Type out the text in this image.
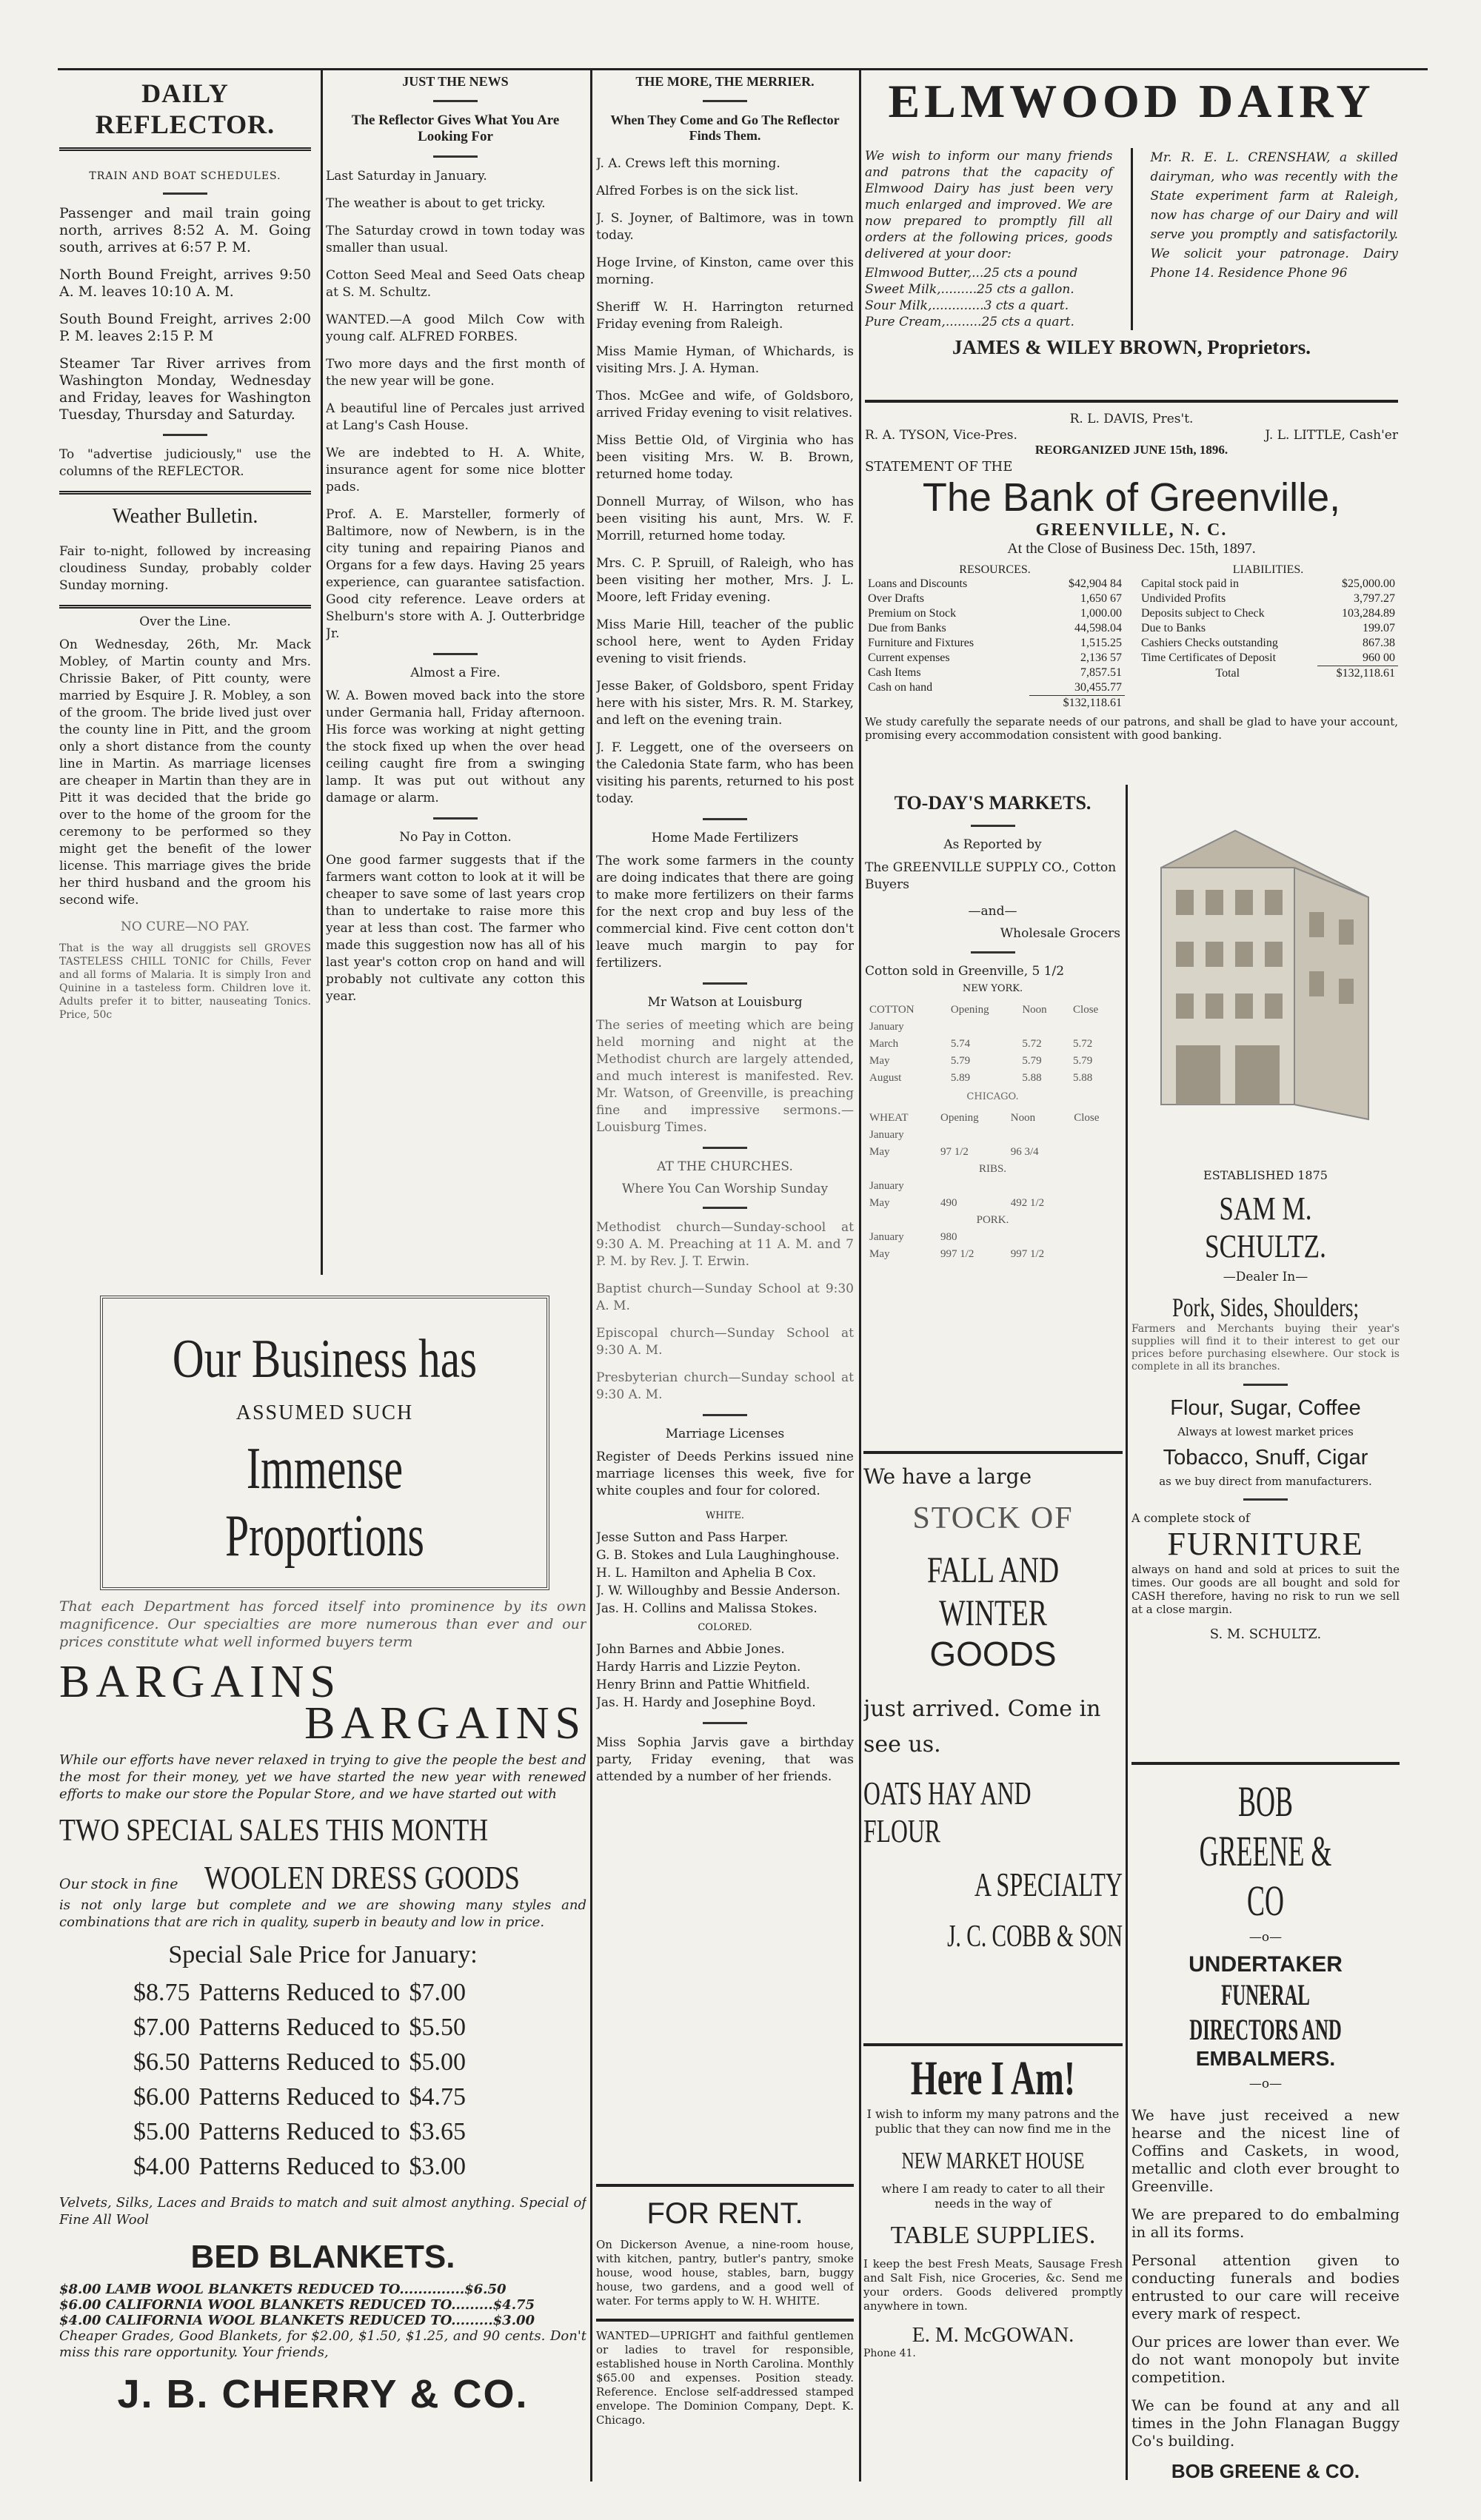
DAILY REFLECTOR.
TRAIN AND BOAT SCHEDULES.

Passenger and mail train going north, arrives 8:52 A. M. Going south, arrives at 6:57 P. M.

North Bound Freight, arrives 9:50 A. M. leaves 10:10 A. M.

South Bound Freight, arrives 2:00 P. M. leaves 2:15 P. M

Steamer Tar River arrives from Washington Monday, Wednesday and Friday, leaves for Washington Tuesday, Thursday and Saturday.

To "advertise judiciously," use the columns of the REFLECTOR.

Weather Bulletin.

Fair to-night, followed by increasing cloudiness Sunday, probably colder Sunday morning.

Over the Line.

On Wednesday, 26th, Mr. Mack Mobley, of Martin county and Mrs. Chrissie Baker, of Pitt county, were married by Esquire J. R. Mobley, a son of the groom. The bride lived just over the county line in Pitt, and the groom only a short distance from the county line in Martin. As marriage licenses are cheaper in Martin than they are in Pitt it was decided that the bride go over to the home of the groom for the ceremony to be performed so they might get the benefit of the lower license. This marriage gives the bride her third husband and the groom his second wife.

NO CURE—NO PAY.

That is the way all druggists sell GROVES TASTELESS CHILL TONIC for Chills, Fever and all forms of Malaria. It is simply Iron and Quinine in a tasteless form. Children love it. Adults prefer it to bitter, nauseating Tonics. Price, 50c

JUST THE NEWS
The Reflector Gives What You Are Looking For

Last Saturday in January.

The weather is about to get tricky.

The Saturday crowd in town today was smaller than usual.

Cotton Seed Meal and Seed Oats cheap at S. M. Schultz.

WANTED.—A good Milch Cow with young calf. ALFRED FORBES.

Two more days and the first month of the new year will be gone.

A beautiful line of Percales just arrived at Lang's Cash House.

We are indebted to H. A. White, insurance agent for some nice blotter pads.

Prof. A. E. Marsteller, formerly of Baltimore, now of Newbern, is in the city tuning and repairing Pianos and Organs for a few days. Having 25 years experience, can guarantee satisfaction. Good city reference. Leave orders at Shelburn's store with A. J. Outterbridge Jr.

Almost a Fire.

W. A. Bowen moved back into the store under Germania hall, Friday afternoon. His force was working at night getting the stock fixed up when the over head ceiling caught fire from a swinging lamp. It was put out without any damage or alarm.

No Pay in Cotton.

One good farmer suggests that if the farmers want cotton to look at it will be cheaper to save some of last years crop than to undertake to raise more this year at less than cost. The farmer who made this suggestion now has all of his last year's cotton crop on hand and will probably not cultivate any cotton this year.

Our Business has
ASSUMED SUCH
Immense Proportions

That each Department has forced itself into prominence by its own magnificence. Our specialties are more numerous than ever and our prices constitute what well informed buyers term

BARGAINS
BARGAINS

While our efforts have never relaxed in trying to give the people the best and the most for their money, yet we have started the new year with renewed efforts to make our store the Popular Store, and we have started out with

TWO SPECIAL SALES THIS MONTH
Our stock in fine WOOLEN DRESS GOODS

is not only large but complete and we are showing many styles and combinations that are rich in quality, superb in beauty and low in price.

Special Sale Price for January:
$8.75 Patterns Reduced to $7.00
$7.00 Patterns Reduced to $5.50
$6.50 Patterns Reduced to $5.00
$6.00 Patterns Reduced to $4.75
$5.00 Patterns Reduced to $3.65
$4.00 Patterns Reduced to $3.00

Velvets, Silks, Laces and Braids to match and suit almost anything. Special of Fine All Wool

BED BLANKETS.
$8.00 LAMB WOOL BLANKETS REDUCED TO..............$6.50
$6.00 CALIFORNIA WOOL BLANKETS REDUCED TO.........$4.75
$4.00 CALIFORNIA WOOL BLANKETS REDUCED TO.........$3.00

Cheaper Grades, Good Blankets, for $2.00, $1.50, $1.25, and 90 cents. Don't miss this rare opportunity. Your friends,

J. B. CHERRY & CO.
THE MORE, THE MERRIER.
When They Come and Go The Reflector Finds Them.

J. A. Crews left this morning.

Alfred Forbes is on the sick list.

J. S. Joyner, of Baltimore, was in town today.

Hoge Irvine, of Kinston, came over this morning.

Sheriff W. H. Harrington returned Friday evening from Raleigh.

Miss Mamie Hyman, of Whichards, is visiting Mrs. J. A. Hyman.

Thos. McGee and wife, of Goldsboro, arrived Friday evening to visit relatives.

Miss Bettie Old, of Virginia who has been visiting Mrs. W. B. Brown, returned home today.

Donnell Murray, of Wilson, who has been visiting his aunt, Mrs. W. F. Morrill, returned home today.

Mrs. C. P. Spruill, of Raleigh, who has been visiting her mother, Mrs. J. L. Moore, left Friday evening.

Miss Marie Hill, teacher of the public school here, went to Ayden Friday evening to visit friends.

Jesse Baker, of Goldsboro, spent Friday here with his sister, Mrs. R. M. Starkey, and left on the evening train.

J. F. Leggett, one of the overseers on the Caledonia State farm, who has been visiting his parents, returned to his post today.

Home Made Fertilizers

The work some farmers in the county are doing indicates that there are going to make more fertilizers on their farms for the next crop and buy less of the commercial kind. Five cent cotton don't leave much margin to pay for fertilizers.

Mr Watson at Louisburg

The series of meeting which are being held morning and night at the Methodist church are largely attended, and much interest is manifested. Rev. Mr. Watson, of Greenville, is preaching fine and impressive sermons.—Louisburg Times.

AT THE CHURCHES.
Where You Can Worship Sunday

Methodist church—Sunday-school at 9:30 A. M. Preaching at 11 A. M. and 7 P. M. by Rev. J. T. Erwin.

Baptist church—Sunday School at 9:30 A. M.

Episcopal church—Sunday School at 9:30 A. M.

Presbyterian church—Sunday school at 9:30 A. M.

Marriage Licenses

Register of Deeds Perkins issued nine marriage licenses this week, five for white couples and four for colored.

WHITE.
Jesse Sutton and Pass Harper.
G. B. Stokes and Lula Laughinghouse.
H. L. Hamilton and Aphelia B Cox.
J. W. Willoughby and Bessie Anderson.
Jas. H. Collins and Malissa Stokes.
COLORED.
John Barnes and Abbie Jones.
Hardy Harris and Lizzie Peyton.
Henry Brinn and Pattie Whitfield.
Jas. H. Hardy and Josephine Boyd.

Miss Sophia Jarvis gave a birthday party, Friday evening, that was attended by a number of her friends.

FOR RENT.

On Dickerson Avenue, a nine-room house, with kitchen, pantry, butler's pantry, smoke house, wood house, stables, barn, buggy house, two gardens, and a good well of water. For terms apply to W. H. WHITE.

WANTED—UPRIGHT and faithful gentlemen or ladies to travel for responsible, established house in North Carolina. Monthly $65.00 and expenses. Position steady. Reference. Enclose self-addressed stamped envelope. The Dominion Company, Dept. K. Chicago.

ELMWOOD DAIRY

We wish to inform our many friends and patrons that the capacity of Elmwood Dairy has just been very much enlarged and improved. We are now prepared to promptly fill all orders at the following prices, goods delivered at your door:

Elmwood Butter,...25 cts a pound
Sweet Milk,.........25 cts a gallon.
Sour Milk,.............3 cts a quart.
Pure Cream,.........25 cts a quart.

Mr. R. E. L. CRENSHAW, a skilled dairyman, who was recently with the State experiment farm at Raleigh, now has charge of our Dairy and will serve you promptly and satisfactorily. We solicit your patronage. Dairy Phone 14. Residence Phone 96

JAMES & WILEY BROWN, Proprietors.
R. L. DAVIS, Pres't.
R. A. TYSON, Vice-Pres.	J. L. LITTLE, Cash'er
REORGANIZED JUNE 15th, 1896.
STATEMENT OF THE
The Bank of Greenville,
GREENVILLE, N. C.
At the Close of Business Dec. 15th, 1897.
RESOURCES.
Loans and Discounts	$42,904 84
Over Drafts	1,650 67
Premium on Stock	1,000.00
Due from Banks	44,598.04
Furniture and Fixtures	1,515.25
Current expenses	2,136 57
Cash Items	7,857.51
Cash on hand	30,455.77
	$132,118.61
LIABILITIES.
Capital stock paid in	$25,000.00
Undivided Profits	3,797.27
Deposits subject to Check	103,284.89
Due to Banks	199.07
Cashiers Checks outstanding	867.38
Time Certificates of Deposit	960 00
Total	$132,118.61

We study carefully the separate needs of our patrons, and shall be glad to have your account, promising every accommodation consistent with good banking.

TO-DAY'S MARKETS.
As Reported by

The GREENVILLE SUPPLY CO., Cotton Buyers

—and—
Wholesale Grocers
Cotton sold in Greenville, 5 1/2
NEW YORK.
COTTON	Opening	Noon	Close
January			
March	5.74	5.72	5.72
May	5.79	5.79	5.79
August	5.89	5.88	5.88
CHICAGO.
WHEAT	Opening	Noon	Close
January			
May	97 1/2	96 3/4	
RIBS.			
January			
May	490	492 1/2	
PORK.			
January	980		
May	997 1/2	997 1/2	
ESTABLISHED 1875
SAM M. SCHULTZ.
—Dealer In—
Pork, Sides, Shoulders;

Farmers and Merchants buying their year's supplies will find it to their interest to get our prices before purchasing elsewhere. Our stock is complete in all its branches.

Flour, Sugar, Coffee
Always at lowest market prices
Tobacco, Snuff, Cigar
as we buy direct from manufacturers.
A complete stock of
FURNITURE

always on hand and sold at prices to suit the times. Our goods are all bought and sold for CASH therefore, having no risk to run we sell at a close margin.

S. M. SCHULTZ.
We have a large
STOCK OF
FALL AND WINTER
GOODS
just arrived. Come in see us.
OATS HAY AND FLOUR
A SPECIALTY
J. C. COBB & SON
Here I Am!

I wish to inform my many patrons and the public that they can now find me in the

NEW MARKET HOUSE

where I am ready to cater to all their needs in the way of

TABLE SUPPLIES.

I keep the best Fresh Meats, Sausage Fresh and Salt Fish, nice Groceries, &c. Send me your orders. Goods delivered promptly anywhere in town.

E. M. McGOWAN.
Phone 41.
BOB GREENE & CO
—o—
UNDERTAKER
FUNERAL DIRECTORS AND
EMBALMERS.
—o—

We have just received a new hearse and the nicest line of Coffins and Caskets, in wood, metallic and cloth ever brought to Greenville.

We are prepared to do embalming in all its forms.

Personal attention given to conducting funerals and bodies entrusted to our care will receive every mark of respect.

Our prices are lower than ever. We do not want monopoly but invite competition.

We can be found at any and all times in the John Flanagan Buggy Co's building.

BOB GREENE & CO.
